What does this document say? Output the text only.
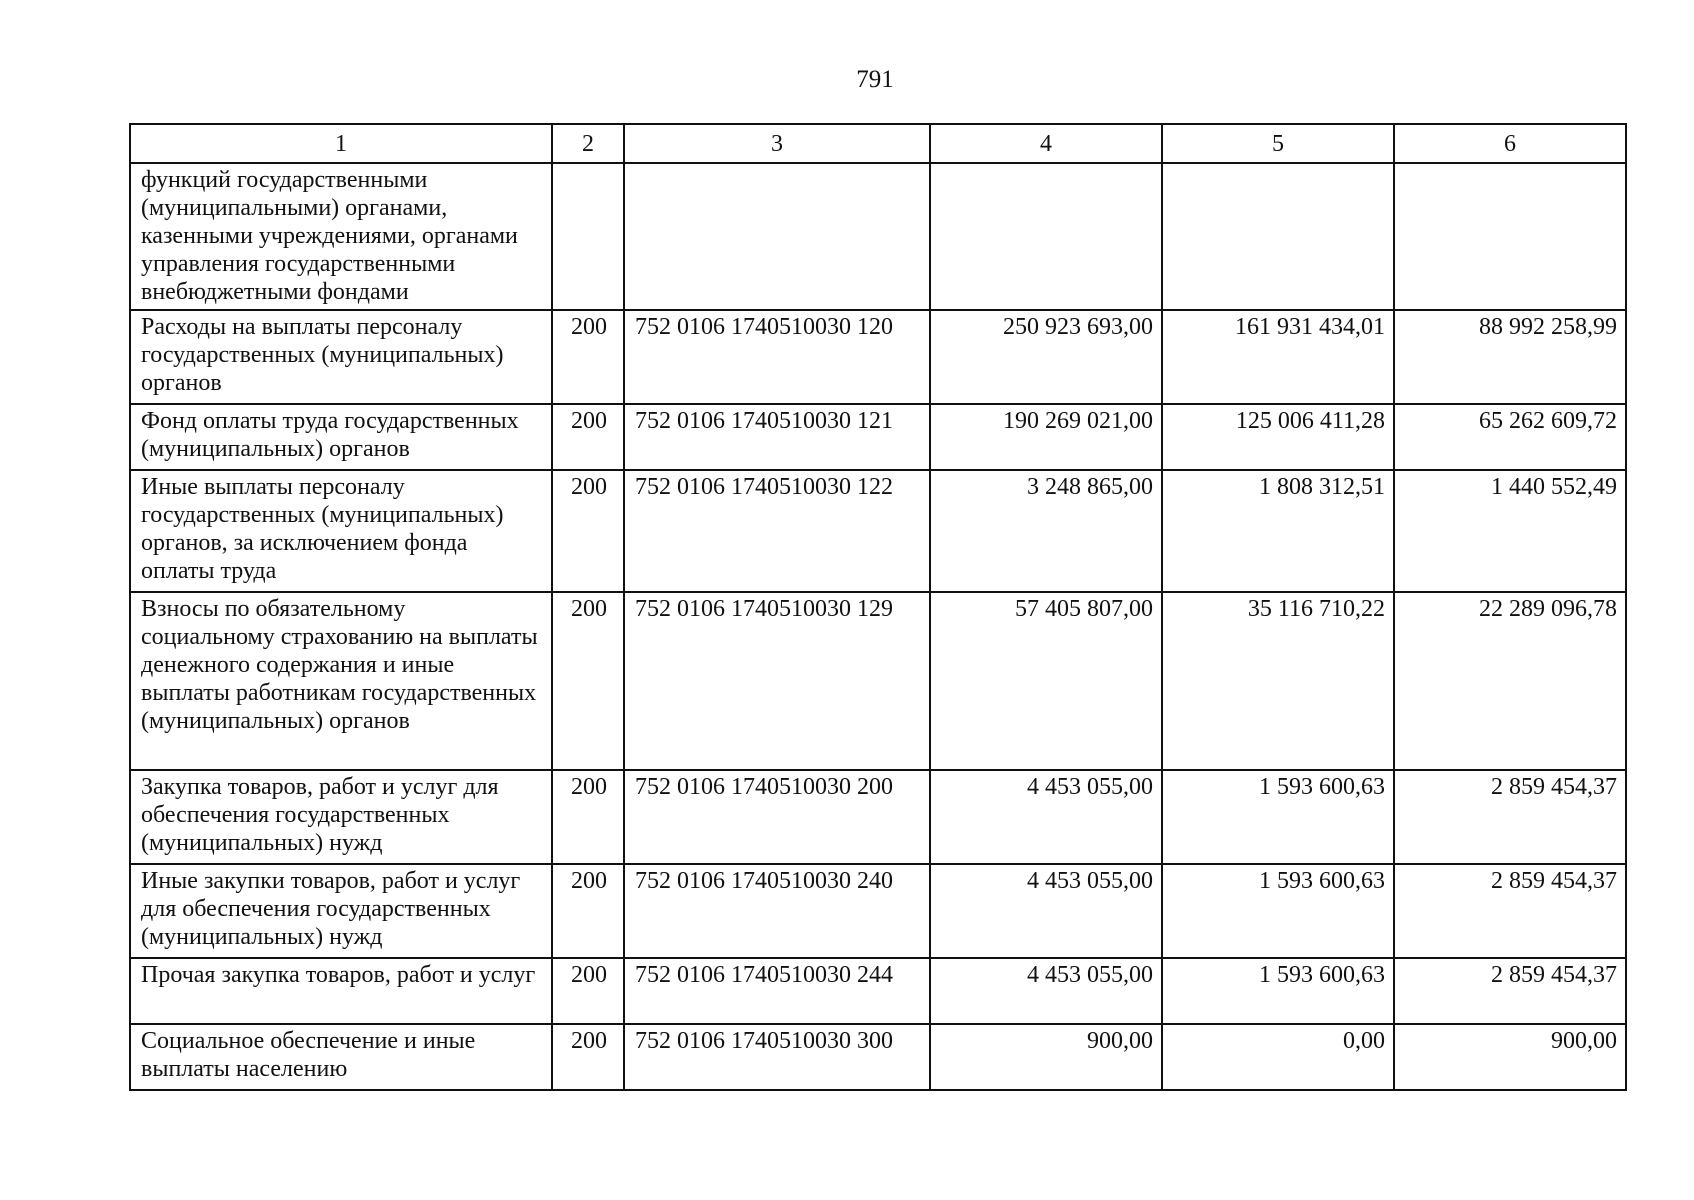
791
1	2	3	4	5	6
функций государственными (муниципальными) органами, казенными учреждениями, органами управления государственными внебюджетными фондами					
Расходы на выплаты персоналу государственных (муниципальных) органов	200	752 0106 1740510030 120	250 923 693,00	161 931 434,01	88 992 258,99
Фонд оплаты труда государственных (муниципальных) органов	200	752 0106 1740510030 121	190 269 021,00	125 006 411,28	65 262 609,72
Иные выплаты персоналу государственных (муниципальных) органов, за исключением фонда оплаты труда	200	752 0106 1740510030 122	3 248 865,00	1 808 312,51	1 440 552,49
Взносы по обязательному социальному страхованию на выплаты денежного содержания и иные выплаты работникам государственных (муниципальных) органов	200	752 0106 1740510030 129	57 405 807,00	35 116 710,22	22 289 096,78
Закупка товаров, работ и услуг для обеспечения государственных (муниципальных) нужд	200	752 0106 1740510030 200	4 453 055,00	1 593 600,63	2 859 454,37
Иные закупки товаров, работ и услуг для обеспечения государственных (муниципальных) нужд	200	752 0106 1740510030 240	4 453 055,00	1 593 600,63	2 859 454,37
Прочая закупка товаров, работ и услуг	200	752 0106 1740510030 244	4 453 055,00	1 593 600,63	2 859 454,37
Социальное обеспечение и иные выплаты населению	200	752 0106 1740510030 300	900,00	0,00	900,00
